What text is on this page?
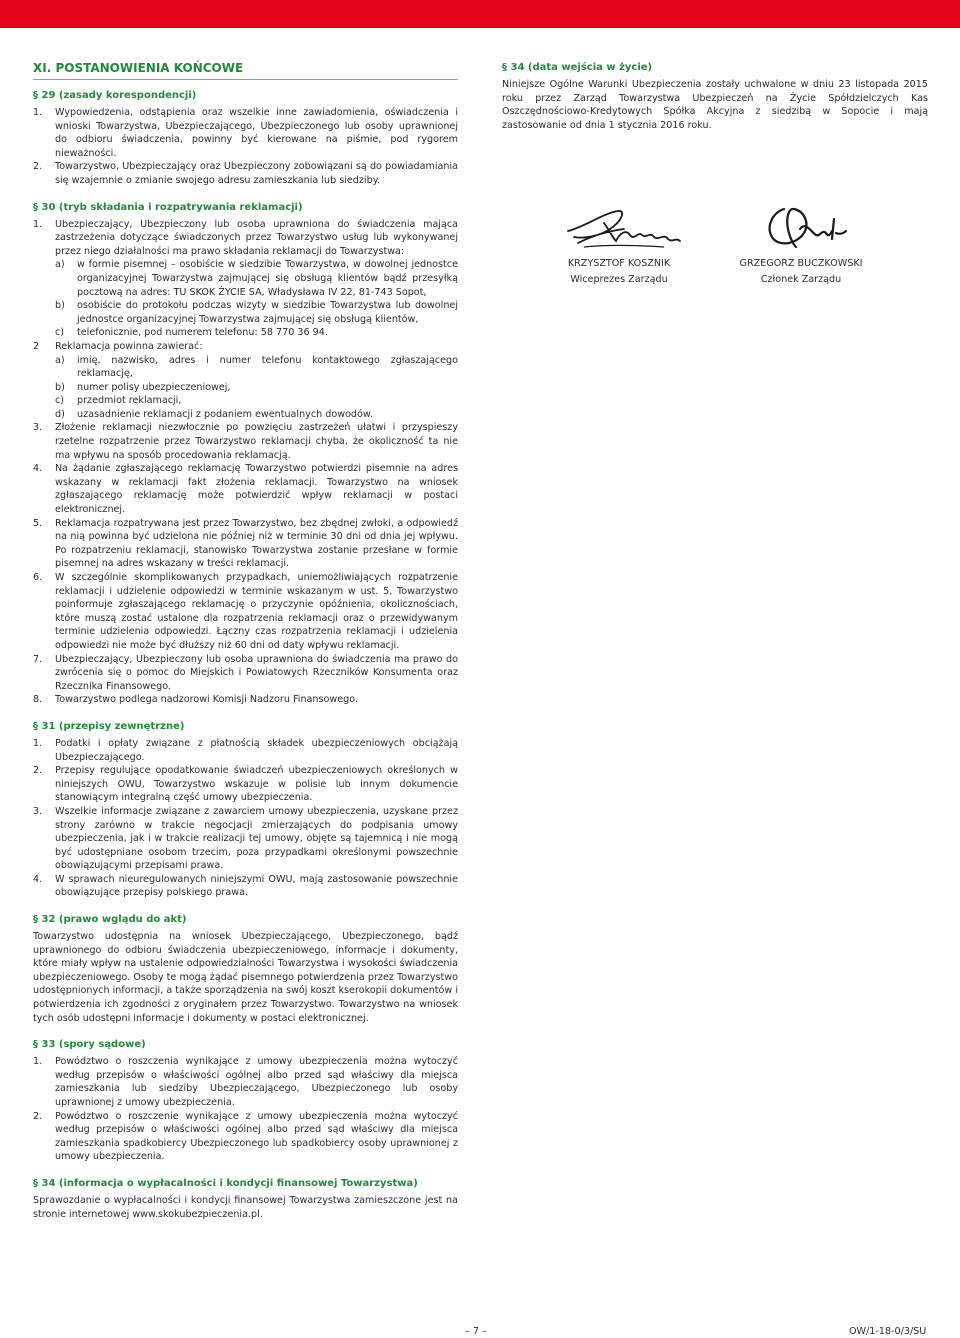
XI. POSTANOWIENIA KOŃCOWE
§ 29 (zasady korespondencji)
1.	Wypowiedzenia, odstąpienia oraz wszelkie inne zawiadomienia, oświadczenia i wnioski Towarzystwa, Ubezpieczającego, Ubezpieczonego lub osoby uprawnionej do odbioru świadczenia, powinny być kierowane na piśmie, pod rygorem nieważności.
2.	Towarzystwo, Ubezpieczający oraz Ubezpieczony zobowiązani są do powiadamiania się wzajemnie o zmianie swojego adresu zamieszkania lub siedziby.
§ 30 (tryb składania i rozpatrywania reklamacji)
1.	Ubezpieczający, Ubezpieczony lub osoba uprawniona do świadczenia mająca zastrzeżenia dotyczące świadczonych przez Towarzystwo usług lub wykonywanej przez niego działalności ma prawo składania reklamacji do Towarzystwa:
a)	w formie pisemnej – osobiście w siedzibie Towarzystwa, w dowolnej jednostce organizacyjnej Towarzystwa zajmującej się obsługą klientów bądź przesyłką pocztową na adres: TU SKOK ŻYCIE SA, Władysława IV 22, 81-743 Sopot,
b)	osobiście do protokołu podczas wizyty w siedzibie Towarzystwa lub dowolnej jednostce organizacyjnej Towarzystwa zajmującej się obsługą klientów,
c)	telefonicznie, pod numerem telefonu: 58 770 36 94.
2	Reklamacja powinna zawierać:
a)	imię, nazwisko, adres i numer telefonu kontaktowego zgłaszającego reklamację,
b)	numer polisy ubezpieczeniowej,
c)	przedmiot reklamacji,
d)	uzasadnienie reklamacji z podaniem ewentualnych dowodów.
3.	Złożenie reklamacji niezwłocznie po powzięciu zastrzeżeń ułatwi i przyspieszy rzetelne rozpatrzenie przez Towarzystwo reklamacji chyba, że okoliczność ta nie ma wpływu na sposób procedowania reklamacją.
4.	Na żądanie zgłaszającego reklamację Towarzystwo potwierdzi pisemnie na adres wskazany w reklamacji fakt złożenia reklamacji. Towarzystwo na wniosek zgłaszającego reklamację może potwierdzić wpływ reklamacji w postaci elektronicznej.
5.	Reklamacja rozpatrywana jest przez Towarzystwo, bez zbędnej zwłoki, a odpowiedź na nią powinna być udzielona nie później niż w terminie 30 dni od dnia jej wpływu. Po rozpatrzeniu reklamacji, stanowisko Towarzystwa zostanie przesłane w formie pisemnej na adres wskazany w treści reklamacji.
6.	W szczególnie skomplikowanych przypadkach, uniemożliwiających rozpatrzenie reklamacji i udzielenie odpowiedzi w terminie wskazanym w ust. 5, Towarzystwo poinformuje zgłaszającego reklamację o przyczynie opóźnienia, okolicznościach, które muszą zostać ustalone dla rozpatrzenia reklamacji oraz o przewidywanym terminie udzielenia odpowiedzi. Łączny czas rozpatrzenia reklamacji i udzielenia odpowiedzi nie może być dłuższy niż 60 dni od daty wpływu reklamacji.
7.	Ubezpieczający, Ubezpieczony lub osoba uprawniona do świadczenia ma prawo do zwrócenia się o pomoc do Miejskich i Powiatowych Rzeczników Konsumenta oraz Rzecznika Finansowego.
8.	Towarzystwo podlega nadzorowi Komisji Nadzoru Finansowego.
§ 31 (przepisy zewnętrzne)
1.	Podatki i opłaty związane z płatnością składek ubezpieczeniowych obciążają Ubezpieczającego.
2.	Przepisy regulujące opodatkowanie świadczeń ubezpieczeniowych określonych w niniejszych OWU, Towarzystwo wskazuje w polisie lub innym dokumencie stanowiącym integralną część umowy ubezpieczenia.
3.	Wszelkie informacje związane z zawarciem umowy ubezpieczenia, uzyskane przez strony zarówno w trakcie negocjacji zmierzających do podpisania umowy ubezpieczenia, jak i w trakcie realizacji tej umowy, objęte są tajemnicą i nie mogą być udostępniane osobom trzecim, poza przypadkami określonymi powszechnie obowiązującymi przepisami prawa.
4.	W sprawach nieuregulowanych niniejszymi OWU, mają zastosowanie powszechnie obowiązujące przepisy polskiego prawa.
§ 32 (prawo wglądu do akt)
Towarzystwo udostępnia na wniosek Ubezpieczającego, Ubezpieczonego, bądź uprawnionego do odbioru świadczenia ubezpieczeniowego, informacje i dokumenty, które miały wpływ na ustalenie odpowiedzialności Towarzystwa i wysokości świadczenia ubezpieczeniowego. Osoby te mogą żądać pisemnego potwierdzenia przez Towarzystwo udostępnionych informacji, a także sporządzenia na swój koszt kserokopii dokumentów i potwierdzenia ich zgodności z oryginałem przez Towarzystwo. Towarzystwo na wniosek tych osób udostępni informacje i dokumenty w postaci elektronicznej.
§ 33 (spory sądowe)
1.	Powództwo o roszczenia wynikające z umowy ubezpieczenia można wytoczyć według przepisów o właściwości ogólnej albo przed sąd właściwy dla miejsca zamieszkania lub siedziby Ubezpieczającego, Ubezpieczonego lub osoby uprawnionej z umowy ubezpieczenia.
2.	Powództwo o roszczenie wynikające z umowy ubezpieczenia można wytoczyć według przepisów o właściwości ogólnej albo przed sąd właściwy dla miejsca zamieszkania spadkobiercy Ubezpieczonego lub spadkobiercy osoby uprawnionej z umowy ubezpieczenia.
§ 34 (informacja o wypłacalności i kondycji finansowej Towarzystwa)
Sprawozdanie o wypłacalności i kondycji finansowej Towarzystwa zamieszczone jest na stronie internetowej www.skokubezpieczenia.pl.
§ 34 (data wejścia w życie)
Niniejsze Ogólne Warunki Ubezpieczenia zostały uchwalone w dniu 23 listopada 2015 roku przez Zarząd Towarzystwa Ubezpieczeń na Życie Spółdzielczych Kas Oszczędnościowo-Kredytowych Spółka Akcyjna z siedzibą w Sopocie i mają zastosowanie od dnia 1 stycznia 2016 roku.
KRZYSZTOF KOSZNIK
Wiceprezes Zarządu
GRZEGORZ BUCZKOWSKI
Członek Zarządu
– 7 –	OW/1-18-0/3/SU
